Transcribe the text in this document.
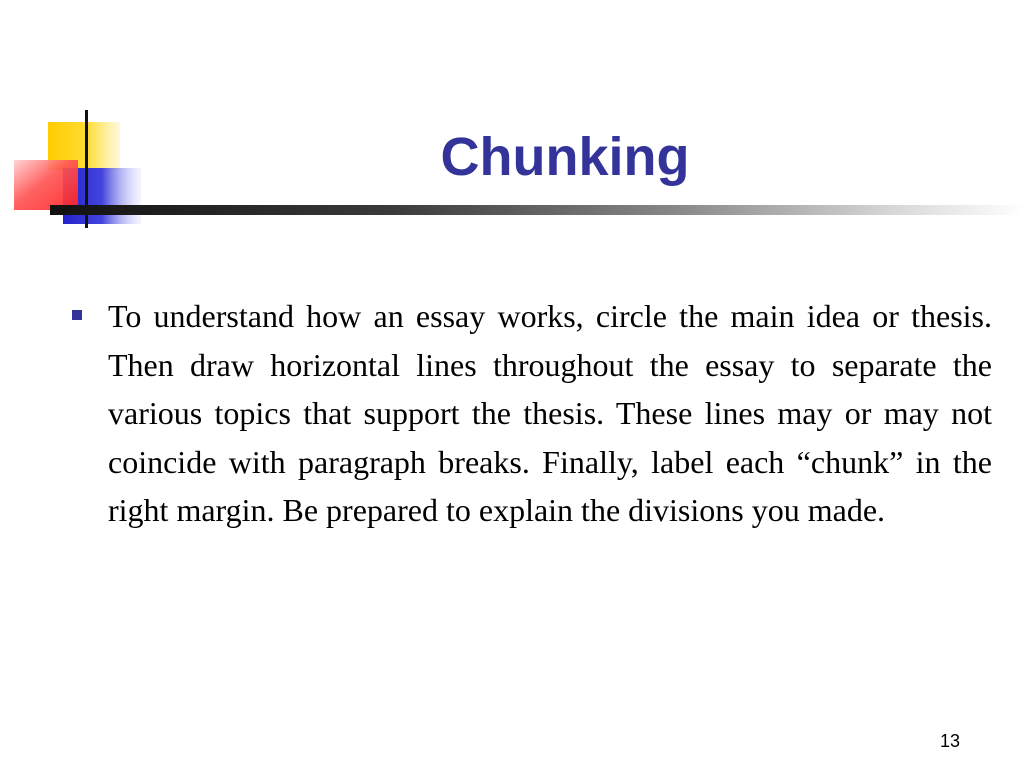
Chunking

To understand how an essay works, circle the main idea or thesis. Then draw horizontal lines throughout the essay to separate the various topics that support the thesis. These lines may or may not coincide with paragraph breaks. Finally, label each “chunk” in the right margin. Be prepared to explain the divisions you made.

13
